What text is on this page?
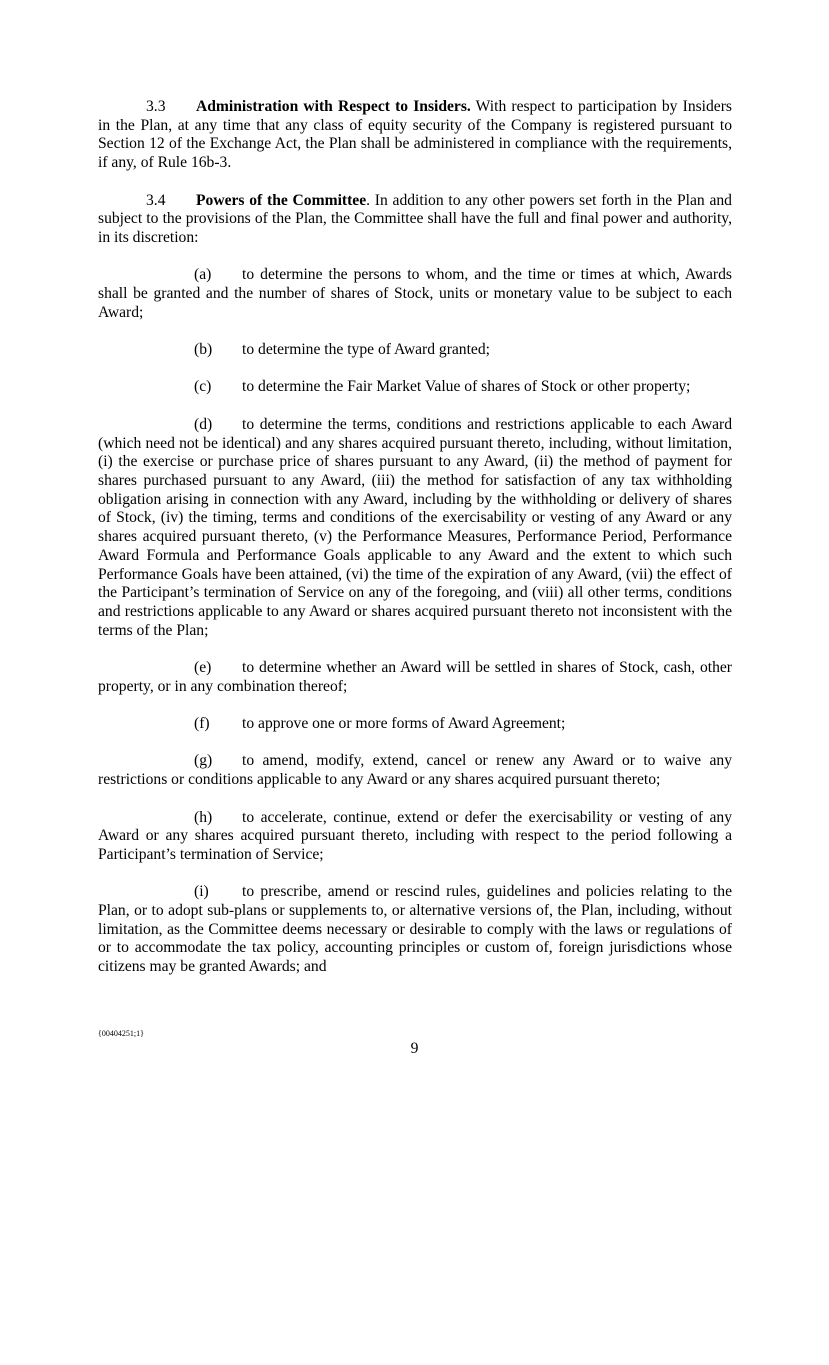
3.3 Administration with Respect to Insiders. With respect to participation by Insiders in the Plan, at any time that any class of equity security of the Company is registered pursuant to Section 12 of the Exchange Act, the Plan shall be administered in compliance with the requirements, if any, of Rule 16b-3.

3.4 Powers of the Committee. In addition to any other powers set forth in the Plan and subject to the provisions of the Plan, the Committee shall have the full and final power and authority, in its discretion:

(a) to determine the persons to whom, and the time or times at which, Awards shall be granted and the number of shares of Stock, units or monetary value to be subject to each Award;

(b) to determine the type of Award granted;

(c) to determine the Fair Market Value of shares of Stock or other property;

(d) to determine the terms, conditions and restrictions applicable to each Award (which need not be identical) and any shares acquired pursuant thereto, including, without limitation, (i) the exercise or purchase price of shares pursuant to any Award, (ii) the method of payment for shares purchased pursuant to any Award, (iii) the method for satisfaction of any tax withholding obligation arising in connection with any Award, including by the withholding or delivery of shares of Stock, (iv) the timing, terms and conditions of the exercisability or vesting of any Award or any shares acquired pursuant thereto, (v) the Performance Measures, Performance Period, Performance Award Formula and Performance Goals applicable to any Award and the extent to which such Performance Goals have been attained, (vi) the time of the expiration of any Award, (vii) the effect of the Participant’s termination of Service on any of the foregoing, and (viii) all other terms, conditions and restrictions applicable to any Award or shares acquired pursuant thereto not inconsistent with the terms of the Plan;

(e) to determine whether an Award will be settled in shares of Stock, cash, other property, or in any combination thereof;

(f) to approve one or more forms of Award Agreement;

(g) to amend, modify, extend, cancel or renew any Award or to waive any restrictions or conditions applicable to any Award or any shares acquired pursuant thereto;

(h) to accelerate, continue, extend or defer the exercisability or vesting of any Award or any shares acquired pursuant thereto, including with respect to the period following a Participant’s termination of Service;

(i) to prescribe, amend or rescind rules, guidelines and policies relating to the Plan, or to adopt sub-plans or supplements to, or alternative versions of, the Plan, including, without limitation, as the Committee deems necessary or desirable to comply with the laws or regulations of or to accommodate the tax policy, accounting principles or custom of, foreign jurisdictions whose citizens may be granted Awards; and

{00404251;1}
9
